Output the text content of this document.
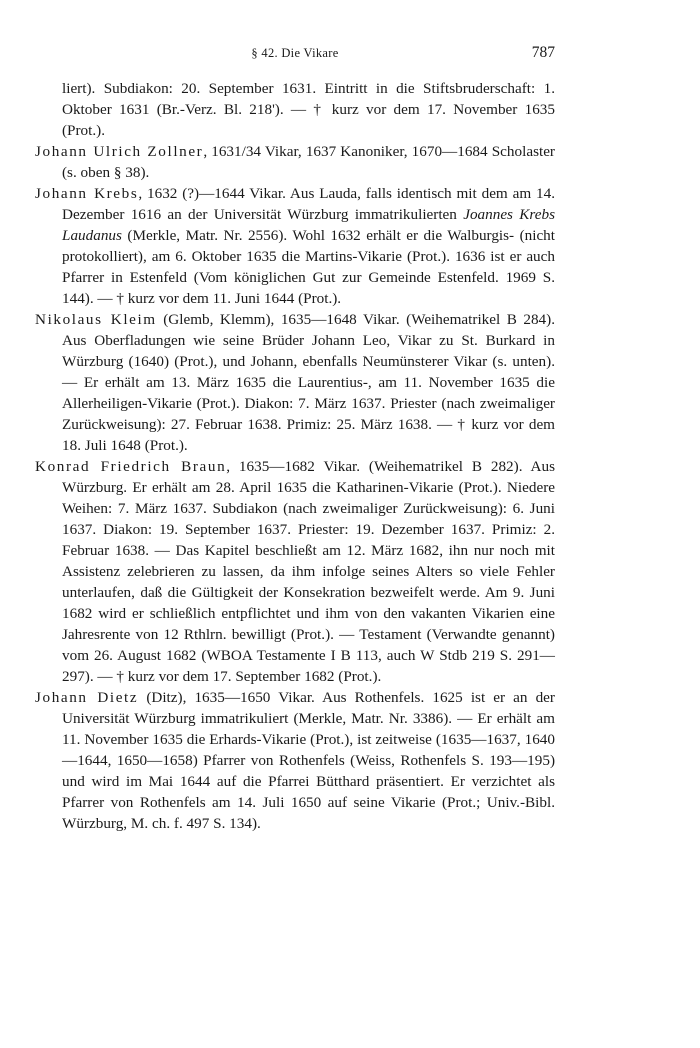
§ 42. Die Vikare	787

liert). Subdiakon: 20. September 1631. Eintritt in die Stiftsbruderschaft: 1. Oktober 1631 (Br.-Verz. Bl. 218'). — † kurz vor dem 17. November 1635 (Prot.).

Johann Ulrich Zollner, 1631/34 Vikar, 1637 Kanoniker, 1670—1684 Scholaster (s. oben § 38).

Johann Krebs, 1632 (?)—1644 Vikar. Aus Lauda, falls identisch mit dem am 14. Dezember 1616 an der Universität Würzburg immatrikulierten Joannes Krebs Laudanus (Merkle, Matr. Nr. 2556). Wohl 1632 erhält er die Walburgis- (nicht protokolliert), am 6. Oktober 1635 die Martins-Vikarie (Prot.). 1636 ist er auch Pfarrer in Estenfeld (Vom königlichen Gut zur Gemeinde Estenfeld. 1969 S. 144). — † kurz vor dem 11. Juni 1644 (Prot.).

Nikolaus Kleim (Glemb, Klemm), 1635—1648 Vikar. (Weihematrikel B 284). Aus Oberfladungen wie seine Brüder Johann Leo, Vikar zu St. Burkard in Würzburg (1640) (Prot.), und Johann, ebenfalls Neumünsterer Vikar (s. unten). — Er erhält am 13. März 1635 die Laurentius-, am 11. November 1635 die Allerheiligen-Vikarie (Prot.). Diakon: 7. März 1637. Priester (nach zweimaliger Zurückweisung): 27. Februar 1638. Primiz: 25. März 1638. — † kurz vor dem 18. Juli 1648 (Prot.).

Konrad Friedrich Braun, 1635—1682 Vikar. (Weihematrikel B 282). Aus Würzburg. Er erhält am 28. April 1635 die Katharinen-Vikarie (Prot.). Niedere Weihen: 7. März 1637. Subdiakon (nach zweimaliger Zurückweisung): 6. Juni 1637. Diakon: 19. September 1637. Priester: 19. Dezember 1637. Primiz: 2. Februar 1638. — Das Kapitel beschließt am 12. März 1682, ihn nur noch mit Assistenz zelebrieren zu lassen, da ihm infolge seines Alters so viele Fehler unterlaufen, daß die Gültigkeit der Konsekration bezweifelt werde. Am 9. Juni 1682 wird er schließlich entpflichtet und ihm von den vakanten Vikarien eine Jahresrente von 12 Rthlrn. bewilligt (Prot.). — Testament (Verwandte genannt) vom 26. August 1682 (WBOA Testamente I B 113, auch W Stdb 219 S. 291—297). — † kurz vor dem 17. September 1682 (Prot.).

Johann Dietz (Ditz), 1635—1650 Vikar. Aus Rothenfels. 1625 ist er an der Universität Würzburg immatrikuliert (Merkle, Matr. Nr. 3386). — Er erhält am 11. November 1635 die Erhards-Vikarie (Prot.), ist zeitweise (1635—1637, 1640—1644, 1650—1658) Pfarrer von Rothenfels (Weiss, Rothenfels S. 193—195) und wird im Mai 1644 auf die Pfarrei Bütthard präsentiert. Er verzichtet als Pfarrer von Rothenfels am 14. Juli 1650 auf seine Vikarie (Prot.; Univ.-Bibl. Würzburg, M. ch. f. 497 S. 134).
